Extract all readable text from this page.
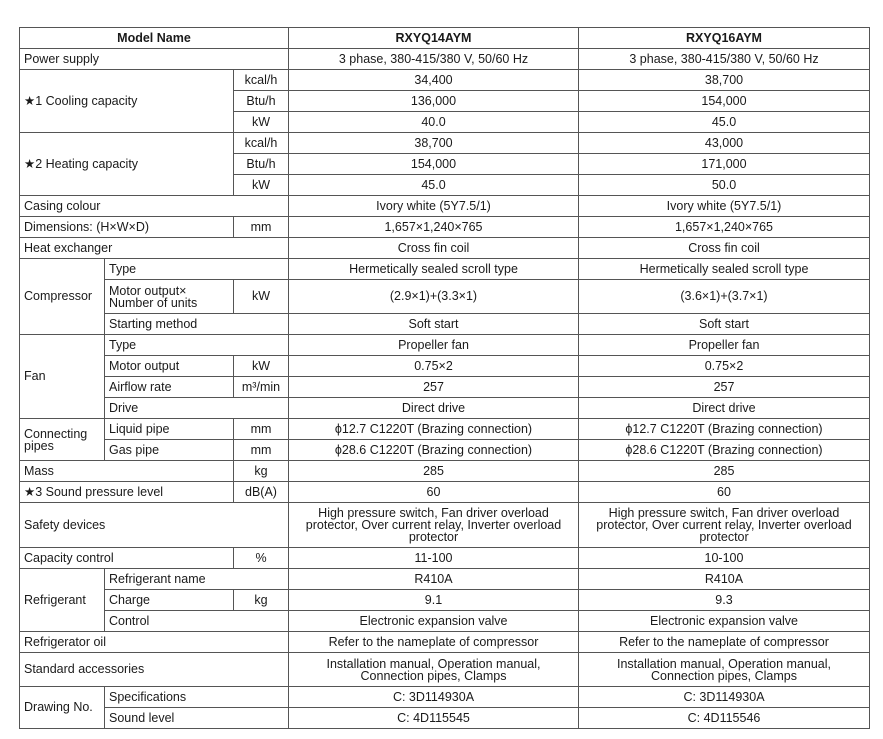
Model Name			RXYQ14AYM	RXYQ16AYM
Power supply			3 phase, 380-415/380 V, 50/60 Hz	3 phase, 380-415/380 V, 50/60 Hz
★1 Cooling capacity		kcal/h	34,400	38,700
		Btu/h	136,000	154,000
		kW	40.0	45.0
★2 Heating capacity		kcal/h	38,700	43,000
		Btu/h	154,000	171,000
		kW	45.0	50.0
Casing colour			Ivory white (5Y7.5/1)	Ivory white (5Y7.5/1)
Dimensions: (H×W×D)		mm	1,657×1,240×765	1,657×1,240×765
Heat exchanger			Cross fin coil	Cross fin coil
Compressor	Type		Hermetically sealed scroll type	Hermetically sealed scroll type
	Motor output×
Number of units	kW	(2.9×1)+(3.3×1)	(3.6×1)+(3.7×1)
	Starting method		Soft start	Soft start
Fan	Type		Propeller fan	Propeller fan
	Motor output	kW	0.75×2	0.75×2
	Airflow rate	m³/min	257	257
	Drive		Direct drive	Direct drive
Connecting
pipes	Liquid pipe	mm	ϕ12.7 C1220T (Brazing connection)	ϕ12.7 C1220T (Brazing connection)
	Gas pipe	mm	ϕ28.6 C1220T (Brazing connection)	ϕ28.6 C1220T (Brazing connection)
Mass		kg	285	285
★3 Sound pressure level		dB(A)	60	60
Safety devices			High pressure switch, Fan driver overload
protector, Over current relay, Inverter overload
protector	High pressure switch, Fan driver overload
protector, Over current relay, Inverter overload
protector
Capacity control		%	11-100	10-100
Refrigerant	Refrigerant name		R410A	R410A
	Charge	kg	9.1	9.3
	Control		Electronic expansion valve	Electronic expansion valve
Refrigerator oil			Refer to the nameplate of compressor	Refer to the nameplate of compressor
Standard accessories			Installation manual, Operation manual,
Connection pipes, Clamps	Installation manual, Operation manual,
Connection pipes, Clamps
Drawing No.	Specifications		C: 3D114930A	C: 3D114930A
	Sound level		C: 4D115545	C: 4D115546
